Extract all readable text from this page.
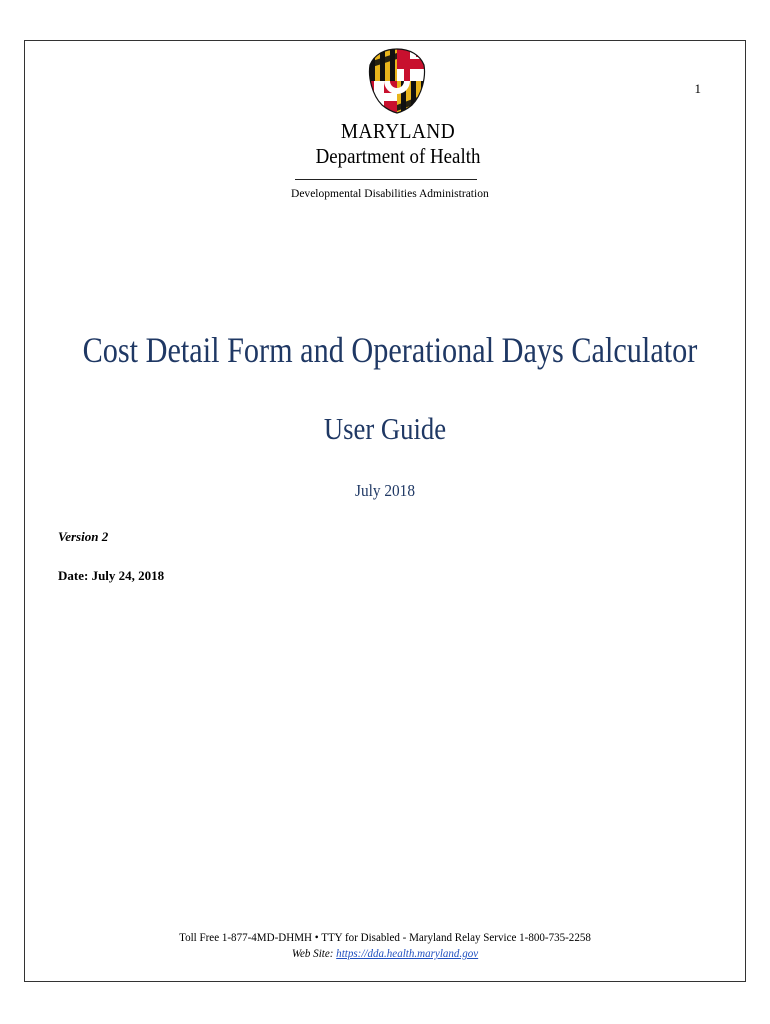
1
MARYLAND
Department of Health
Developmental Disabilities Administration
Cost Detail Form and Operational Days Calculator
User Guide
July 2018
Version 2
Date: July 24, 2018
Toll Free 1-877-4MD-DHMH • TTY for Disabled - Maryland Relay Service 1-800-735-2258
Web Site: https://dda.health.maryland.gov
